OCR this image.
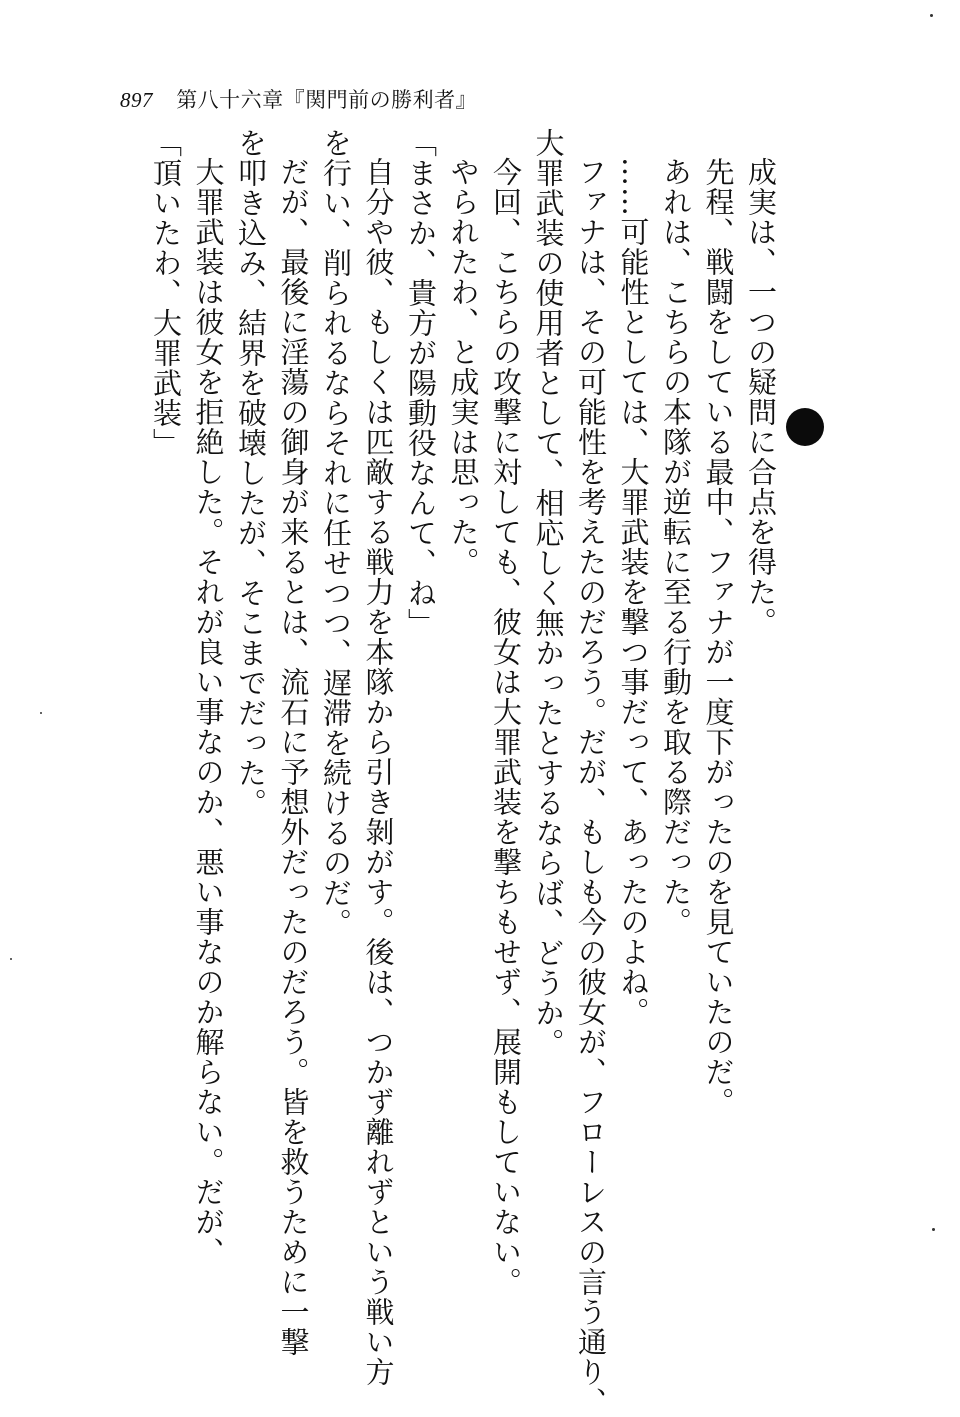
897 第八十六章『関門前の勝利者』

成実は、一つの疑問に合点を得た。

先程、戦闘をしている最中、ファナが一度下がったのを見ていたのだ。

あれは、こちらの本隊が逆転に至る行動を取る際だった。

……可能性としては、大罪武装を撃つ事だって、あったのよね。

ファナは、その可能性を考えたのだろう。だが、もしも今の彼女が、フローレスの言う通り、

大罪武装の使用者として、相応しく無かったとするならば、どうか。

今回、こちらの攻撃に対しても、彼女は大罪武装を撃ちもせず、展開もしていない。

やられたわ、と成実は思った。

「まさか、貴方が陽動役なんて、ね」

自分や彼、もしくは匹敵する戦力を本隊から引き剝がす。後は、つかず離れずという戦い方

を行い、削られるならそれに任せつつ、遅滞を続けるのだ。

だが、最後に淫蕩の御身が来るとは、流石に予想外だったのだろう。皆を救うために一撃

を叩き込み、結界を破壊したが、そこまでだった。

大罪武装は彼女を拒絶した。それが良い事なのか、悪い事なのか解らない。だが、

「頂いたわ、大罪武装」
